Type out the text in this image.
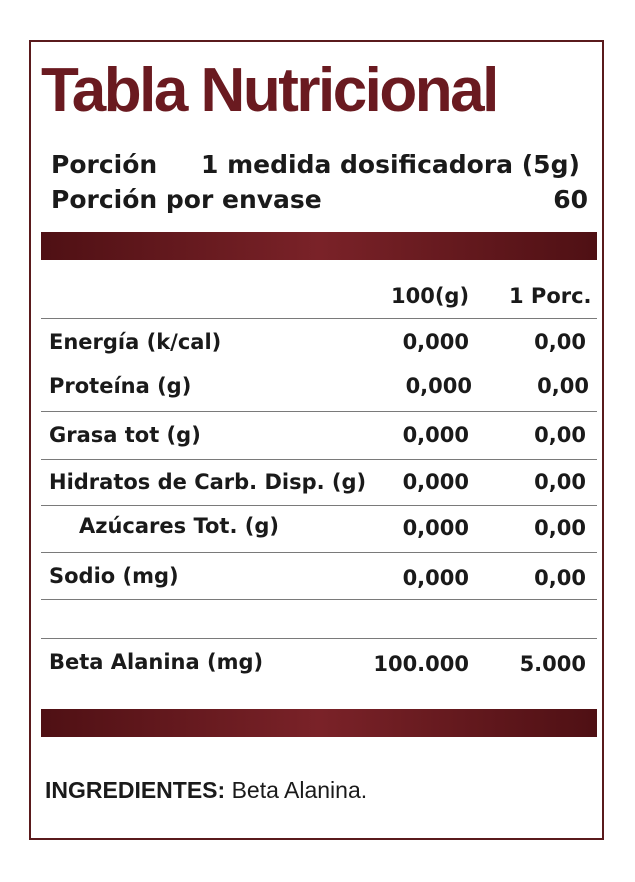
Tabla Nutricional
Porción 1 medida dosificadora (5g)
Porción por envase	60
100(g) 1 Porc.
Energía (k/cal)	0,000	0,00
Proteína (g)	0,000	0,00
Grasa tot (g)	0,000	0,00
Hidratos de Carb. Disp. (g) 0,000	0,00
Azúcares Tot. (g)	0,000	0,00
Sodio (mg)	0,000	0,00
Beta Alanina (mg)	100.000 5.000
INGREDIENTES: Beta Alanina.
